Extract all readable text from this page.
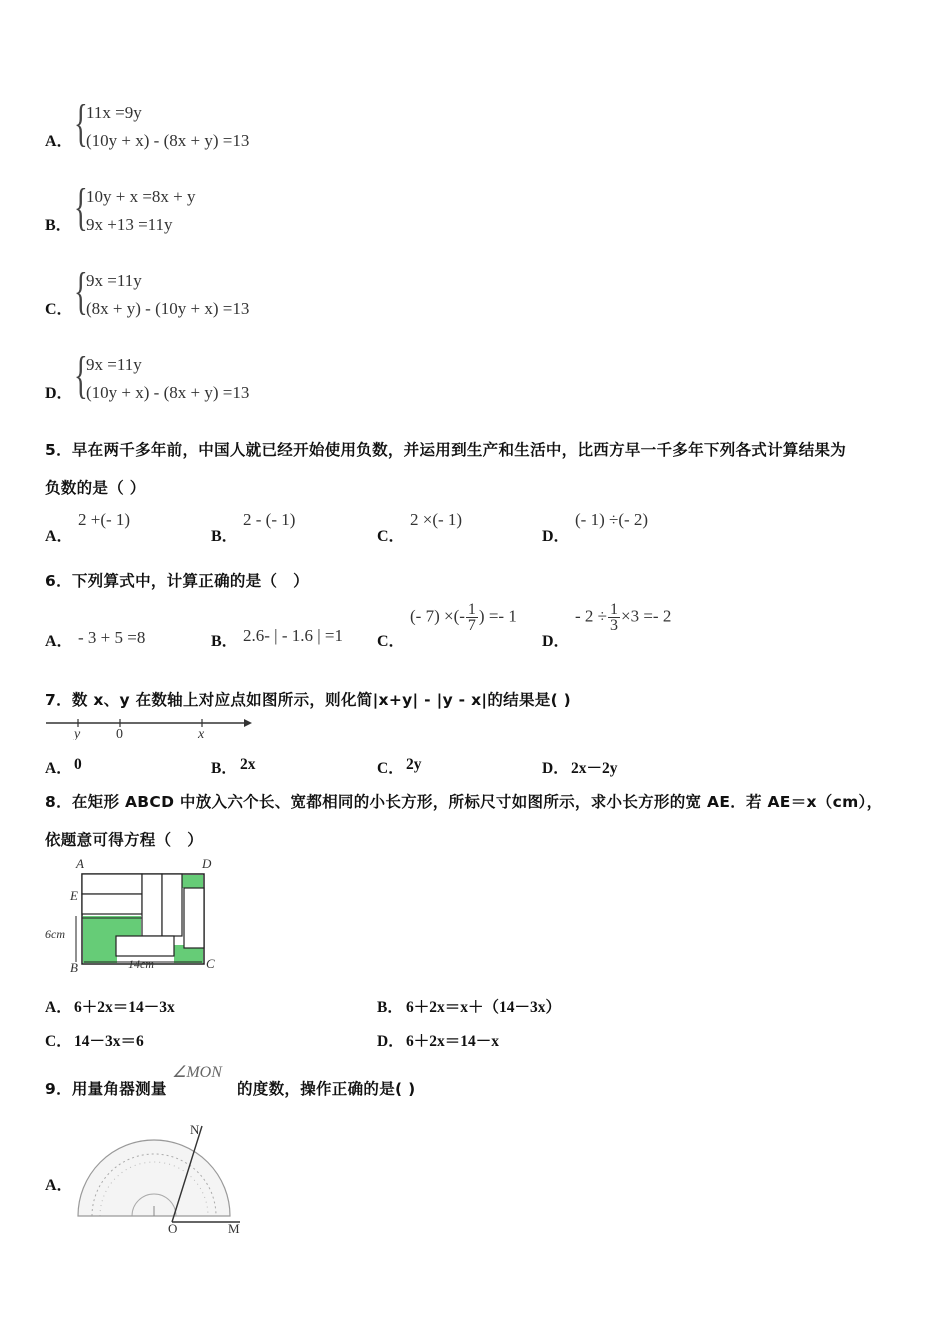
A． {
11x =9y
(10y + x) - (8x + y) =13
B． {
10y + x =8x + y
9x +13 =11y
C． {
9x =11y
(8x + y) - (10y + x) =13
D． {
9x =11y
(10y + x) - (8x + y) =13
5．早在两千多年前，中国人就已经开始使用负数，并运用到生产和生活中，比西方早一千多年下列各式计算结果为
负数的是（ ）
A．
2 +(- 1)
B．
2 - (- 1)
C．
2 ×(- 1)
D．
(- 1) ÷(- 2)
6．下列算式中，计算正确的是（　）
A． - 3 + 5 =8	B． 2.6- | - 1.6 | =1 C．
(- 7) ×(- $\frac{1}{7}$ ) =- 1
D．
- $2 \div \frac{1}{3} \times 3 =- 2$
7．数 x、y 在数轴上对应点如图所示，则化简|x+y| - |y - x|的结果是( )
y	0	x
A． 0	B． 2x	C． 2y	D． 2x－2y
8．在矩形 ABCD 中放入六个长、宽都相同的小长方形，所标尺寸如图所示，求小长方形的宽 AE．若 AE＝x（cm），
依题意可得方程（　）
A	D
E
B	C
6cm
14cm
A． 6＋2x＝14－3x	B． 6＋2x＝x＋（14－3x）
C． 14－3x＝6	D． 6＋2x＝14－x
9．用量角器测量
∠MON
的度数，操作正确的是( )
A．
N
O	M
